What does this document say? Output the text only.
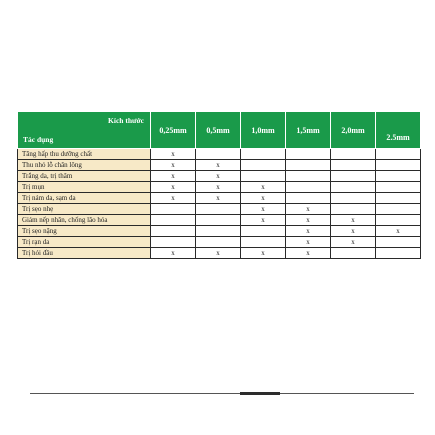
Kích thước
Tác dụng	0,25mm	0,5mm	1,0mm	1,5mm	2,0mm	2.5mm
Tăng hấp thu dưỡng chất	x					
Thu nhỏ lỗ chân lông	x	x				
Trắng da, trị thâm	x	x				
Trị mụn	x	x	x			
Trị nám da, sạm da	x	x	x			
Trị sẹo nhẹ			x	x		
Giảm nếp nhăn, chống lão hóa			x	x	x	
Trị sẹo nặng				x	x	x
Trị rạn da				x	x	
Trị hói đầu	x	x	x	x		
